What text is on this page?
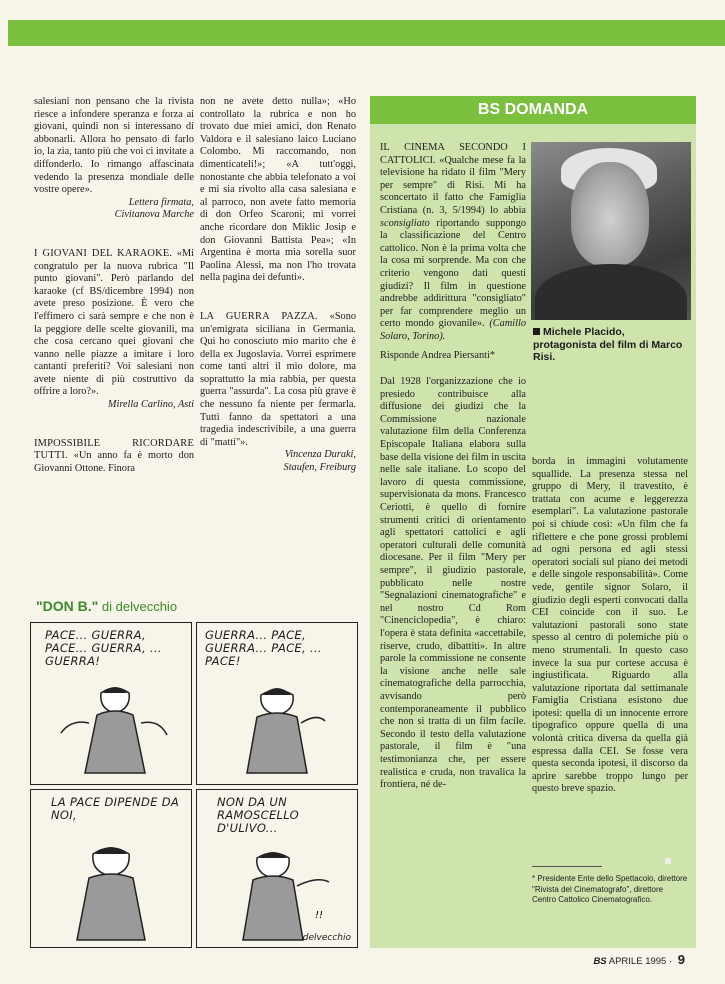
salesiani non pensano che la rivista riesce a infondere speranza e forza ai giovani, quindi non si interessano di abbonarli. Allora ho pensato di farlo io, la zia, tanto più che voi ci invitate a diffonderlo. Io rimango affascinata vedendo la presenza mondiale delle vostre opere».

Lettera firmata,
Civitanova Marche

I GIOVANI DEL KARAOKE. «Mi congratulo per la nuova rubrica "Il punto giovani". Però parlando del karaoke (cf BS/dicembre 1994) non avete preso posizione. È vero che l'effimero ci sarà sempre e che non è la peggiore delle scelte giovanili, ma che cosa cercano quei giovani che vanno nelle piazze a imitare i loro cantanti preferiti? Voi salesiani non avete niente di più costruttivo da offrire a loro?».

Mirella Carlino, Asti

IMPOSSIBILE RICORDARE TUTTI. «Un anno fa è morto don Giovanni Ottone. Finora

non ne avete detto nulla»; «Ho controllato la rubrica e non ho trovato due miei amici, don Renato Valdora e il salesiano laico Luciano Colombo. Mi raccomando, non dimenticateli!»; «A tutt'oggi, nonostante che abbia telefonato a voi e mi sia rivolto alla casa salesiana e al parroco, non avete fatto memoria di don Orfeo Scaroni; mi vorrei anche ricordare don Miklic Josip e don Giovanni Battista Pea»; «In Argentina è morta mia sorella suor Paolina Alessi, ma non l'ho trovata nella pagina dei defunti».

LA GUERRA PAZZA. «Sono un'emigrata siciliana in Germania. Qui ho conosciuto mio marito che è della ex Jugoslavia. Vorrei esprimere come tanti altri il mio dolore, ma soprattutto la mia rabbia, per questa guerra "assurda". La cosa più grave è che nessuno fa niente per fermarla. Tutti fanno da spettatori a una tragedia indescrivibile, a una guerra di "matti"».

Vincenza Duraki,
Staufen, Freiburg

"DON B." di delvecchio
PACE... GUERRA, PACE... GUERRA, ... GUERRA!
GUERRA... PACE, GUERRA... PACE, ... PACE!
LA PACE DIPENDE DA NOI,
NON DA UN RAMOSCELLO D'ULIVO...
!!
delvecchio
BS DOMANDA

IL CINEMA SECONDO I CATTOLICI. «Qualche mese fa la televisione ha ridato il film "Mery per sempre" di Risi. Mi ha sconcertato il fatto che Famiglia Cristiana (n. 3, 5/1994) lo abbia sconsigliato riportando suppongo la classificazione del Centro cattolico. Non è la prima volta che la cosa mi sorprende. Ma con che criterio vengono dati questi giudizi? Il film in questione andrebbe addirittura "consigliato" per far comprendere meglio un certo mondo giovanile». (Camillo Solaro, Torino).

Risponde Andrea Piersanti*

Dal 1928 l'organizzazione che io presiedo contribuisce alla diffusione dei giudizi che la Commissione nazionale valutazione film della Conferenza Episcopale Italiana elabora sulla base della visione dei film in uscita nelle sale italiane. Lo scopo del lavoro di questa commissione, supervisionata da mons. Francesco Ceriotti, è quello di fornire strumenti critici di orientamento agli spettatori cattolici e agli operatori culturali delle comunità diocesane. Per il film "Mery per sempre", il giudizio pastorale, pubblicato nelle nostre "Segnalazioni cinematografiche" e nel nostro Cd Rom "Cinenciclopedia", è chiaro: l'opera è stata definita «accettabile, riserve, crudo, dibattiti». In altre parole la commissione ne consente la visione anche nelle sale cinematografiche della parrocchia, avvisando però contemporaneamente il pubblico che non si tratta di un film facile. Secondo il testo della valutazione pastorale, il film è "una testimonianza che, per essere realistica e cruda, non travalica la frontiera, né de-

Michele Placido, protagonista del film di Marco Risi.

borda in immagini volutamente squallide. La presenza stessa nel gruppo di Mery, il travestito, è trattata con acume e leggerezza esemplari". La valutazione pastorale poi si chiude così: «Un film che fa riflettere e che pone grossi problemi ad ogni persona ed agli stessi operatori sociali sul piano dei metodi e delle singole responsabilità». Come vede, gentile signor Solaro, il giudizio degli esperti convocati dalla CEI coincide con il suo. Le valutazioni pastorali sono state spesso al centro di polemiche più o meno strumentali. In questo caso invece la sua pur cortese accusa è ingiustificata. Riguardo alla valutazione riportata dal settimanale Famiglia Cristiana esistono due ipotesi: quella di un innocente errore tipografico oppure quella di una volontà critica diversa da quella già espressa dalla CEI. Se fosse vera questa seconda ipotesi, il discorso da aprire sarebbe troppo lungo per questo breve spazio.

* Presidente Ente dello Spettacolo, direttore "Rivista del Cinematografo", direttore Centro Cattolico Cinematografico.
BS APRILE 1995 · 9
